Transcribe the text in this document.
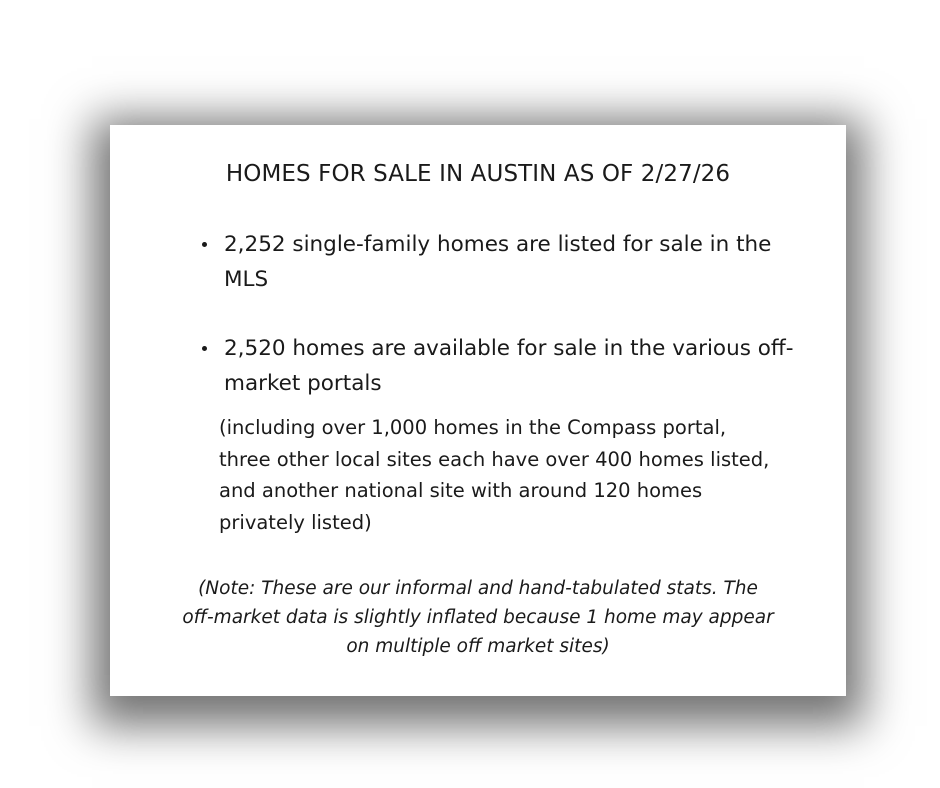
HOMES FOR SALE IN AUSTIN AS OF 2/27/26
2,252 single-family homes are listed for sale in the MLS
2,520 homes are available for sale in the various off-market portals
(including over 1,000 homes in the Compass portal, three other local sites each have over 400 homes listed, and another national site with around 120 homes privately listed)
(Note: These are our informal and hand-tabulated stats. The off-market data is slightly inflated because 1 home may appear on multiple off market sites)
